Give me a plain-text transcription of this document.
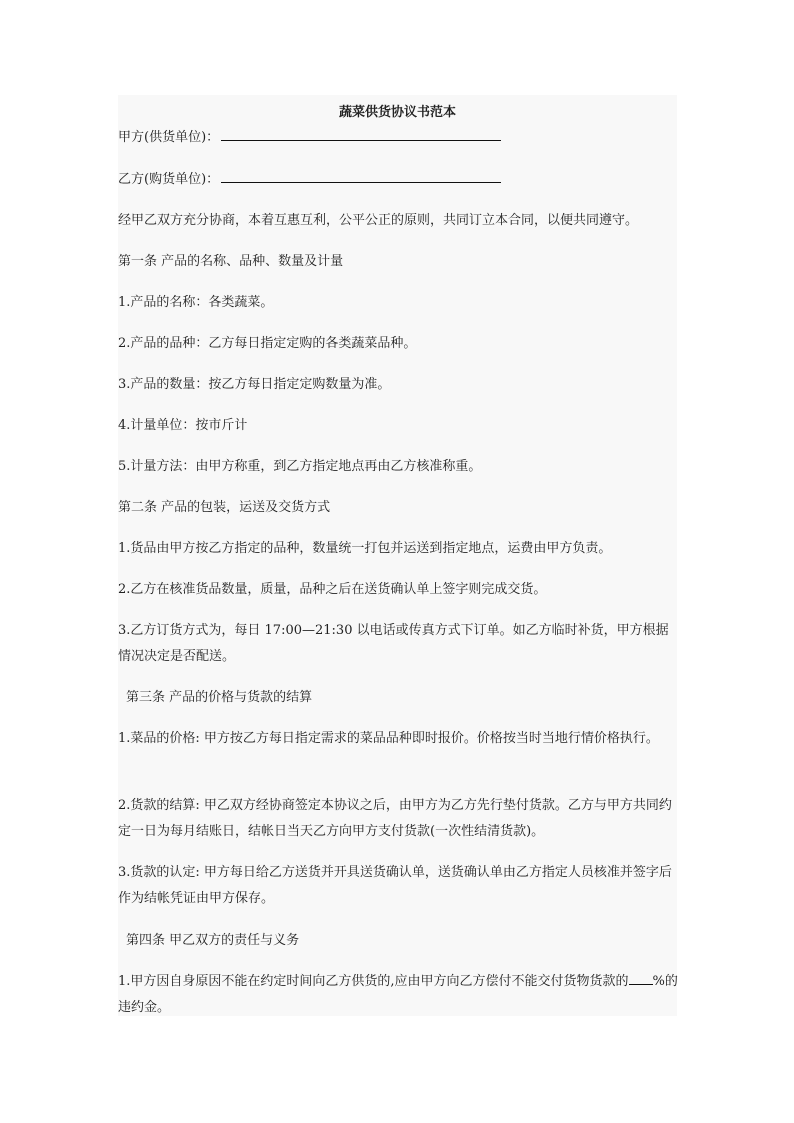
蔬菜供货协议书范本
甲方(供货单位)：
乙方(购货单位)：
经甲乙双方充分协商，本着互惠互利，公平公正的原则，共同订立本合同，以便共同遵守。
第一条 产品的名称、品种、数量及计量
1.产品的名称：各类蔬菜。
2.产品的品种：乙方每日指定定购的各类蔬菜品种。
3.产品的数量：按乙方每日指定定购数量为准。
4.计量单位：按市斤计
5.计量方法：由甲方称重，到乙方指定地点再由乙方核准称重。
第二条 产品的包装，运送及交货方式
1.货品由甲方按乙方指定的品种，数量统一打包并运送到指定地点，运费由甲方负责。
2.乙方在核准货品数量，质量，品种之后在送货确认单上签字则完成交货。
3.乙方订货方式为，每日 17:00—21:30 以电话或传真方式下订单。如乙方临时补货，甲方根据情况决定是否配送。
第三条 产品的价格与货款的结算
1.菜品的价格: 甲方按乙方每日指定需求的菜品品种即时报价。价格按当时当地行情价格执行。
2.货款的结算: 甲乙双方经协商签定本协议之后，由甲方为乙方先行垫付货款。乙方与甲方共同约定一日为每月结账日，结帐日当天乙方向甲方支付货款(一次性结清货款)。
3.货款的认定: 甲方每日给乙方送货并开具送货确认单，送货确认单由乙方指定人员核准并签字后作为结帐凭证由甲方保存。
第四条 甲乙双方的责任与义务
1.甲方因自身原因不能在约定时间向乙方供货的,应由甲方向乙方偿付不能交付货物货款的 %的违约金。
